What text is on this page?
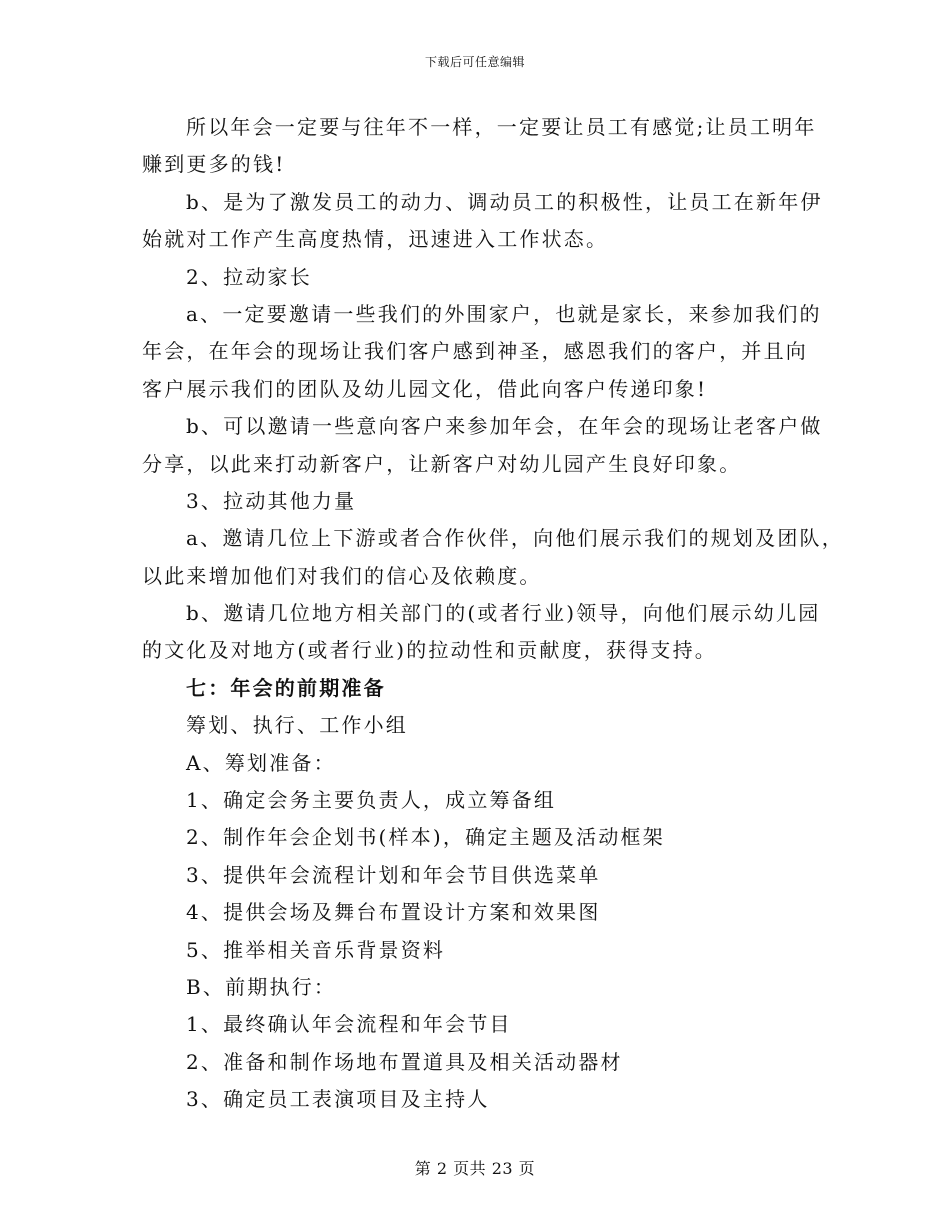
下载后可任意编辑
所以年会一定要与往年不一样，一定要让员工有感觉;让员工明年
赚到更多的钱!
b、是为了激发员工的动力、调动员工的积极性，让员工在新年伊
始就对工作产生高度热情，迅速进入工作状态。
2、拉动家长
a、一定要邀请一些我们的外围家户，也就是家长，来参加我们的
年会，在年会的现场让我们客户感到神圣，感恩我们的客户，并且向
客户展示我们的团队及幼儿园文化，借此向客户传递印象!
b、可以邀请一些意向客户来参加年会，在年会的现场让老客户做
分享，以此来打动新客户，让新客户对幼儿园产生良好印象。
3、拉动其他力量
a、邀请几位上下游或者合作伙伴，向他们展示我们的规划及团队，
以此来增加他们对我们的信心及依赖度。
b、邀请几位地方相关部门的(或者行业)领导，向他们展示幼儿园
的文化及对地方(或者行业)的拉动性和贡献度，获得支持。
七：年会的前期准备
筹划、执行、工作小组
A、筹划准备：
1、确定会务主要负责人，成立筹备组
2、制作年会企划书(样本)，确定主题及活动框架
3、提供年会流程计划和年会节目供选菜单
4、提供会场及舞台布置设计方案和效果图
5、推举相关音乐背景资料
B、前期执行：
1、最终确认年会流程和年会节目
2、准备和制作场地布置道具及相关活动器材
3、确定员工表演项目及主持人
第 2 页共 23 页
